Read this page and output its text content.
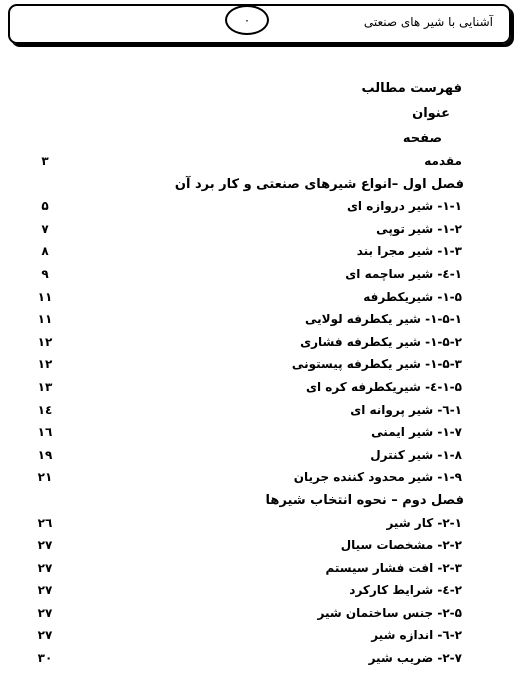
۰	آشنایی با شیر های صنعتی
فهرست مطالب
عنوان
صفحه
مقدمه
۳
فصل اول –انواع شیرهای صنعتی و کار برد آن
۱-۱- شیر دروازه ای
۵
۱-۲- شیر توپی
۷
۱-۳- شیر مجرا بند
۸
۱-٤- شیر ساچمه ای
۹
۱-۵- شیریکطرفه
۱۱
۱-۵-۱- شیر یکطرفه لولایی
۱۱
۱-۵-۲- شیر یکطرفه فشاری
۱۲
۱-۵-۳- شیر یکطرفه پیستونی
۱۲
۱-۵-٤- شیریکطرفه کره ای
۱۳
۱-٦- شیر پروانه ای
۱٤
۱-۷- شیر ایمنی
۱٦
۱-۸- شیر کنترل
۱۹
۱-۹- شیر محدود کننده جریان
۲۱
فصل دوم – نحوه انتخاب شیرها
۲-۱- کار شیر
۲٦
۲-۲- مشخصات سیال
۲۷
۲-۳- افت فشار سیستم
۲۷
۲-٤- شرایط کارکرد
۲۷
۲-۵- جنس ساختمان شیر
۲۷
۲-٦- اندازه شیر
۲۷
۲-۷- ضریب شیر
۳۰
